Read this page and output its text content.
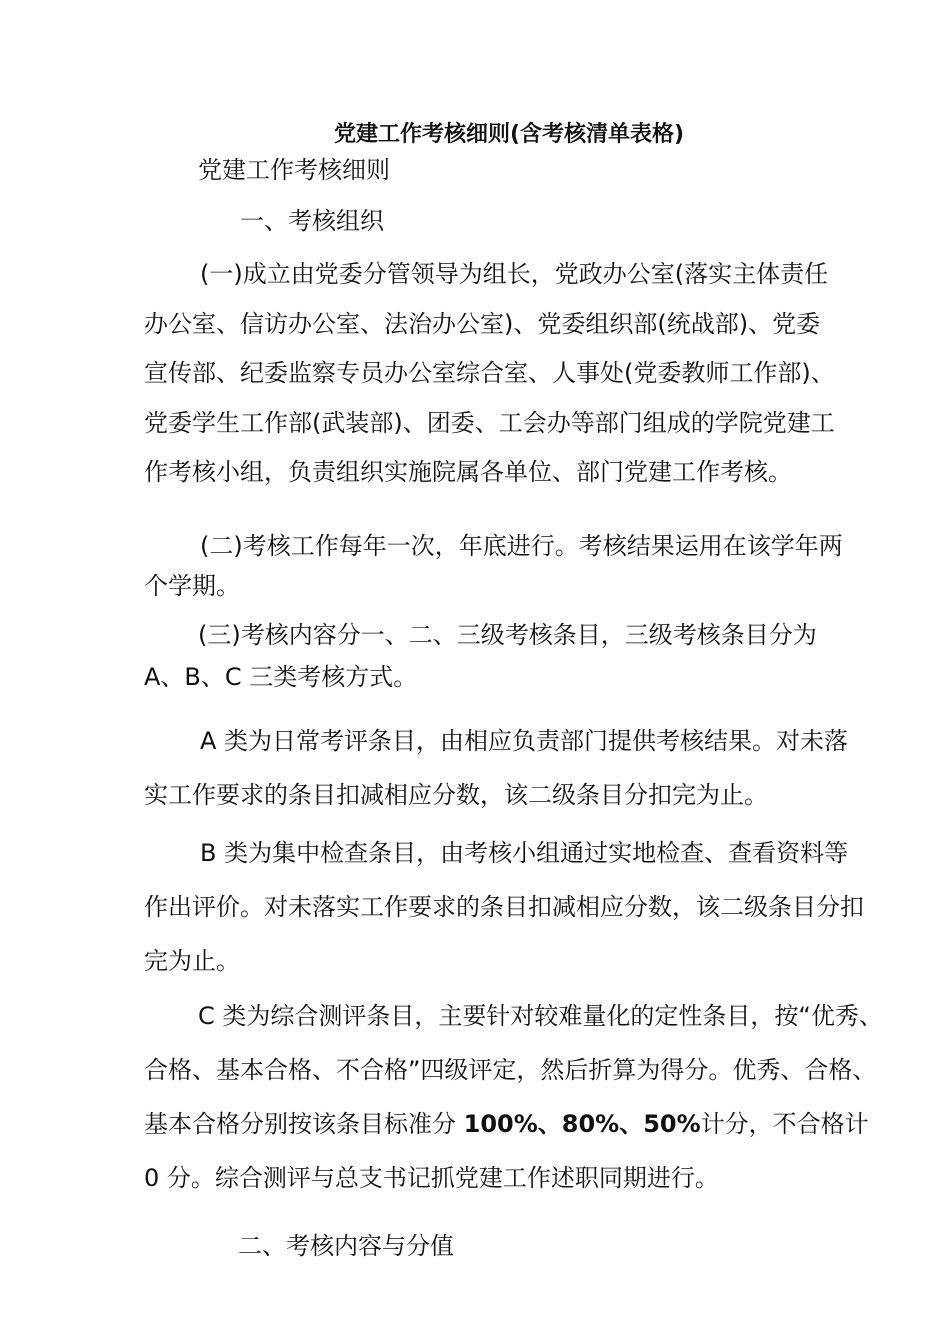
党建工作考核细则(含考核清单表格)
党建工作考核细则
一、考核组织
(一)成立由党委分管领导为组长，党政办公室(落实主体责任
办公室、信访办公室、法治办公室)、党委组织部(统战部)、党委
宣传部、纪委监察专员办公室综合室、人事处(党委教师工作部)、
党委学生工作部(武装部)、团委、工会办等部门组成的学院党建工
作考核小组，负责组织实施院属各单位、部门党建工作考核。
(二)考核工作每年一次，年底进行。考核结果运用在该学年两
个学期。
(三)考核内容分一、二、三级考核条目，三级考核条目分为
A、B、C 三类考核方式。
A 类为日常考评条目，由相应负责部门提供考核结果。对未落
实工作要求的条目扣减相应分数，该二级条目分扣完为止。
B 类为集中检查条目，由考核小组通过实地检查、查看资料等
作出评价。对未落实工作要求的条目扣减相应分数，该二级条目分扣
完为止。
C 类为综合测评条目，主要针对较难量化的定性条目，按“优秀、
合格、基本合格、不合格”四级评定，然后折算为得分。优秀、合格、
基本合格分别按该条目标准分 100%、80%、50%计分，不合格计
0 分。综合测评与总支书记抓党建工作述职同期进行。
二、考核内容与分值
